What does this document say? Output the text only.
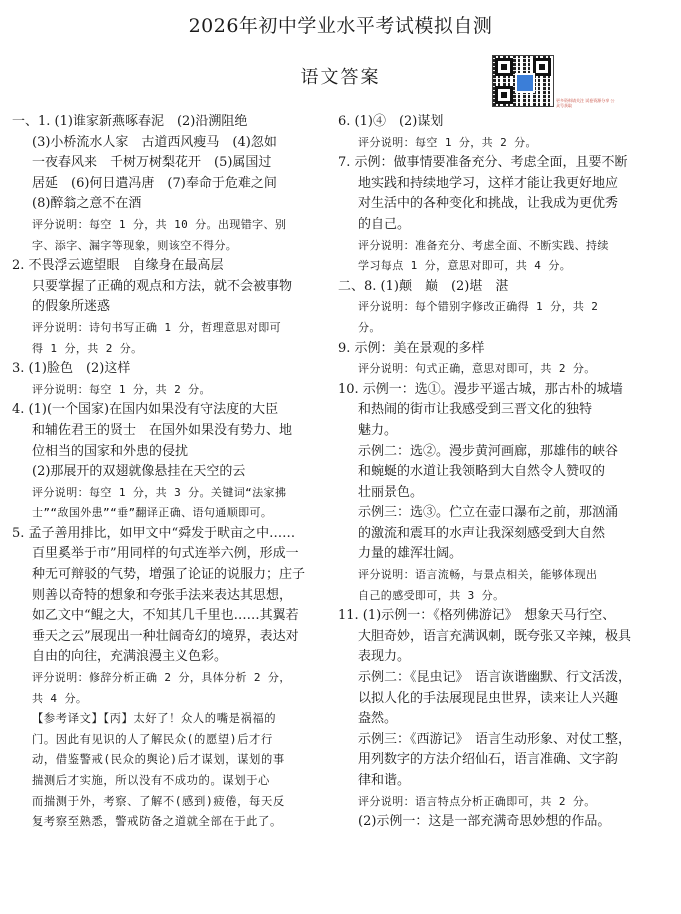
2026年初中学业水平考试模拟自测
语文答案
更多资料请关注 试卷资源分享 公众号获取
一、1. (1)谁家新燕啄春泥　(2)沿溯阻绝
(3)小桥流水人家　古道西风瘦马　(4)忽如
一夜春风来　千树万树梨花开　(5)属国过
居延　(6)何日遣冯唐　(7)奉命于危难之间
(8)醉翁之意不在酒
评分说明：每空 1 分，共 10 分。出现错字、别
字、添字、漏字等现象，则该空不得分。
2. 不畏浮云遮望眼　自缘身在最高层
只要掌握了正确的观点和方法，就不会被事物
的假象所迷惑
评分说明：诗句书写正确 1 分，哲理意思对即可
得 1 分，共 2 分。
3. (1)脸色　(2)这样
评分说明：每空 1 分，共 2 分。
4. (1)(一个国家)在国内如果没有守法度的大臣
和辅佐君王的贤士　在国外如果没有势力、地
位相当的国家和外患的侵扰
(2)那展开的双翅就像悬挂在天空的云
评分说明：每空 1 分，共 3 分。关键词“法家拂
士”“敌国外患”“垂”翻译正确、语句通顺即可。
5. 孟子善用排比，如甲文中“舜发于畎亩之中……
百里奚举于市”用同样的句式连举六例，形成一
种无可辩驳的气势，增强了论证的说服力；庄子
则善以奇特的想象和夸张手法来表达其思想，
如乙文中“鲲之大，不知其几千里也……其翼若
垂天之云”展现出一种壮阔奇幻的境界，表达对
自由的向往，充满浪漫主义色彩。
评分说明：修辞分析正确 2 分，具体分析 2 分，
共 4 分。
【参考译文】【丙】太好了！众人的嘴是祸福的
门。因此有见识的人了解民众(的愿望)后才行
动，借鉴警戒(民众的舆论)后才谋划，谋划的事
揣测后才实施，所以没有不成功的。谋划于心
而揣测于外，考察、了解不(感到)疲倦，每天反
复考察至熟悉，警戒防备之道就全部在于此了。
6. (1)④　(2)谋划
评分说明：每空 1 分，共 2 分。
7. 示例：做事情要准备充分、考虑全面，且要不断
地实践和持续地学习，这样才能让我更好地应
对生活中的各种变化和挑战，让我成为更优秀
的自己。
评分说明：准备充分、考虑全面、不断实践、持续
学习每点 1 分，意思对即可，共 4 分。
二、8. (1)颠　巅　(2)堪　湛
评分说明：每个错别字修改正确得 1 分，共 2
分。
9. 示例：美在景观的多样
评分说明：句式正确，意思对即可，共 2 分。
10. 示例一：选①。漫步平遥古城，那古朴的城墙
和热闹的街市让我感受到三晋文化的独特
魅力。
示例二：选②。漫步黄河画廊，那雄伟的峡谷
和蜿蜒的水道让我领略到大自然令人赞叹的
壮丽景色。
示例三：选③。伫立在壶口瀑布之前，那汹涌
的激流和震耳的水声让我深刻感受到大自然
力量的雄浑壮阔。
评分说明：语言流畅，与景点相关，能够体现出
自己的感受即可，共 3 分。
11. (1)示例一：《格列佛游记》　想象天马行空、
大胆奇妙，语言充满讽刺，既夸张又辛辣，极具
表现力。
示例二：《昆虫记》　语言诙谐幽默、行文活泼，
以拟人化的手法展现昆虫世界，读来让人兴趣
盎然。
示例三：《西游记》　语言生动形象、对仗工整，
用列数字的方法介绍仙石，语言准确、文字韵
律和谐。
评分说明：语言特点分析正确即可，共 2 分。
(2)示例一：这是一部充满奇思妙想的作品。
